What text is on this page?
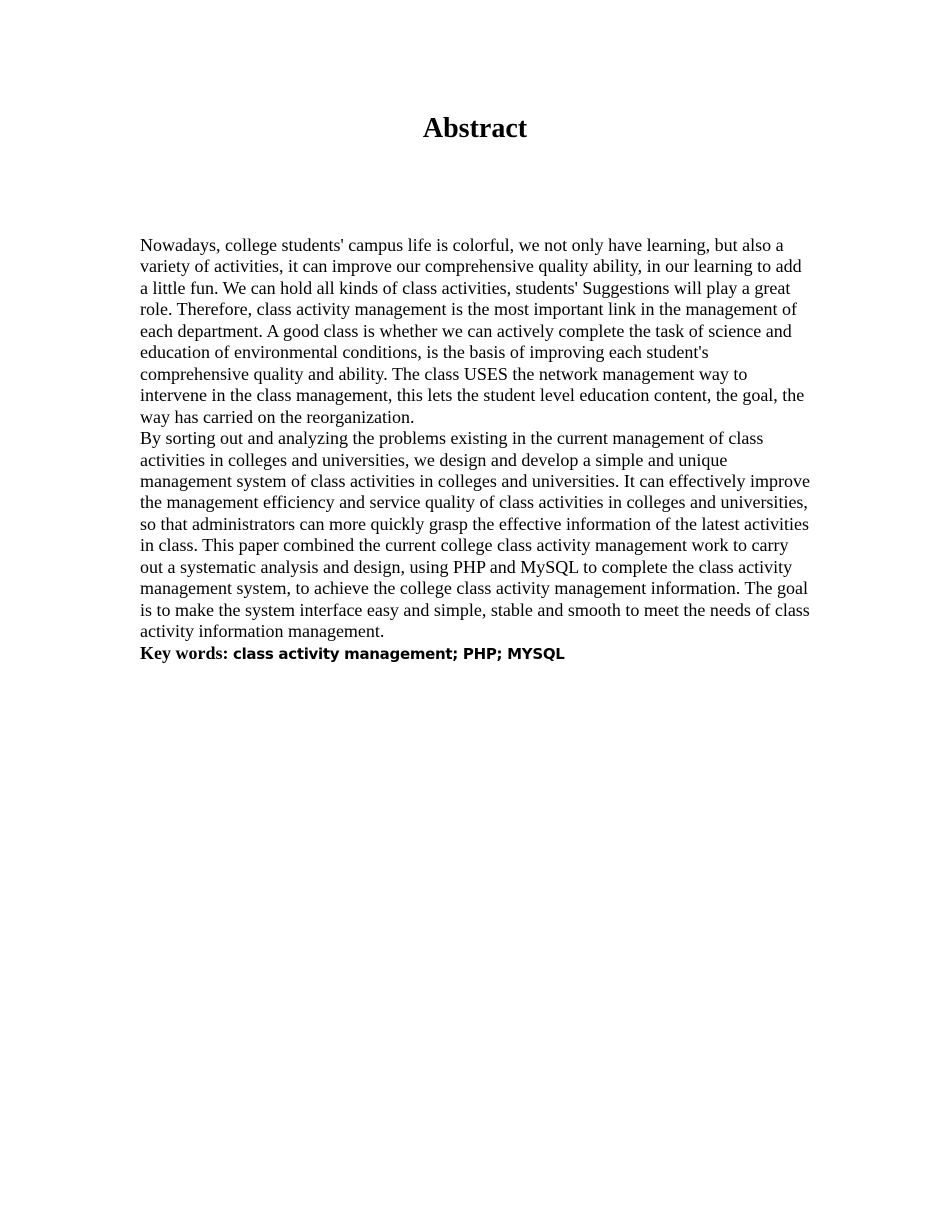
Abstract

Nowadays, college students' campus life is colorful, we not only have learning, but also a variety of activities, it can improve our comprehensive quality ability, in our learning to add a little fun. We can hold all kinds of class activities, students' Suggestions will play a great role. Therefore, class activity management is the most important link in the management of each department. A good class is whether we can actively complete the task of science and education of environmental conditions, is the basis of improving each student's comprehensive quality and ability. The class USES the network management way to intervene in the class management, this lets the student level education content, the goal, the way has carried on the reorganization.

By sorting out and analyzing the problems existing in the current management of class activities in colleges and universities, we design and develop a simple and unique management system of class activities in colleges and universities. It can effectively improve the management efficiency and service quality of class activities in colleges and universities, so that administrators can more quickly grasp the effective information of the latest activities in class. This paper combined the current college class activity management work to carry out a systematic analysis and design, using PHP and MySQL to complete the class activity management system, to achieve the college class activity management information. The goal is to make the system interface easy and simple, stable and smooth to meet the needs of class activity information management.

Key words: class activity management; PHP; MYSQL
